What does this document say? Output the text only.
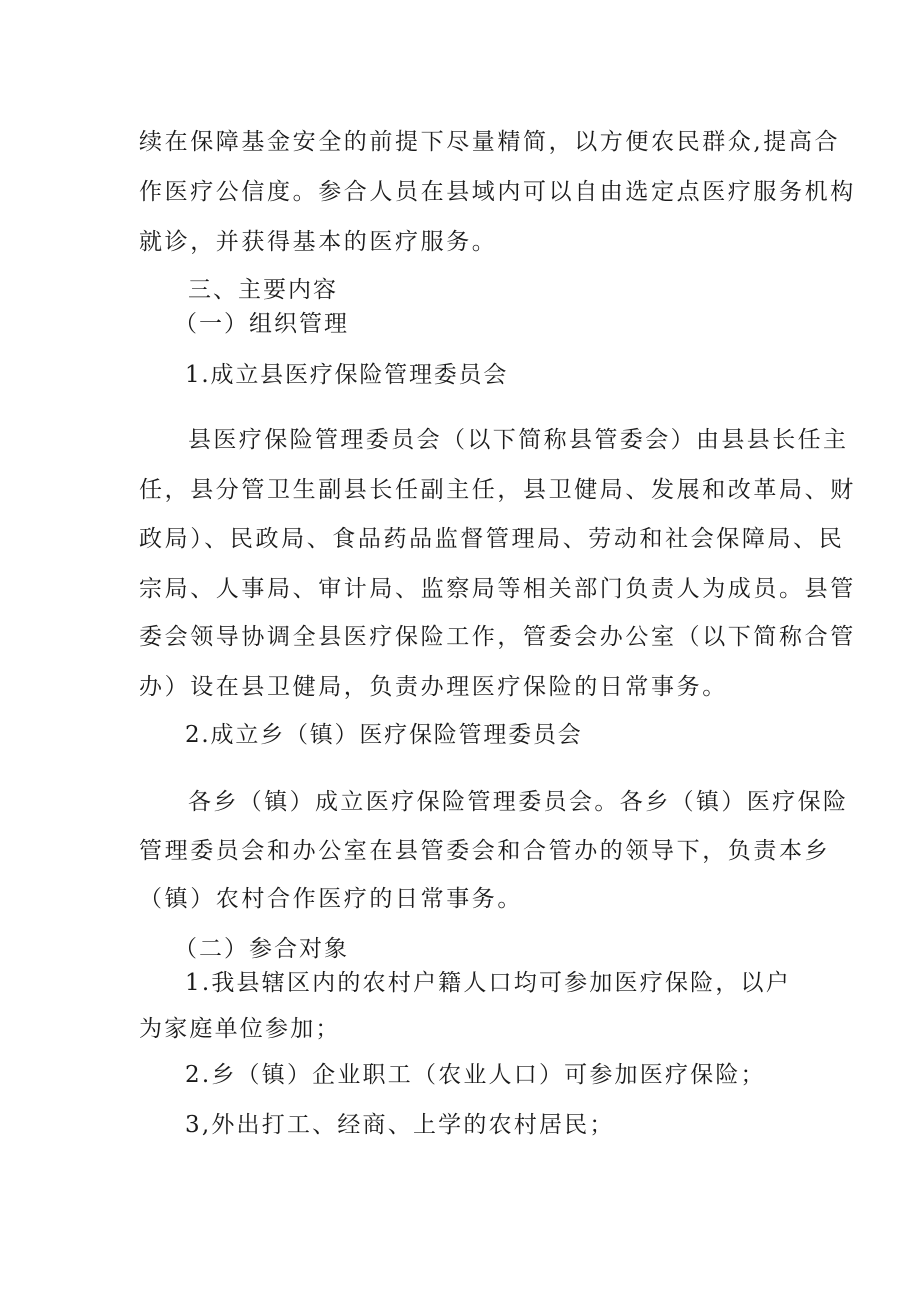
续在保障基金安全的前提下尽量精简，以方便农民群众,提高合
作医疗公信度。参合人员在县域内可以自由选定点医疗服务机构
就诊，并获得基本的医疗服务。
三、主要内容
（一）组织管理
1.成立县医疗保险管理委员会
县医疗保险管理委员会（以下简称县管委会）由县县长任主
任，县分管卫生副县长任副主任，县卫健局、发展和改革局、财
政局）、民政局、食品药品监督管理局、劳动和社会保障局、民
宗局、人事局、审计局、监察局等相关部门负责人为成员。县管
委会领导协调全县医疗保险工作，管委会办公室（以下简称合管
办）设在县卫健局，负责办理医疗保险的日常事务。
2.成立乡（镇）医疗保险管理委员会
各乡（镇）成立医疗保险管理委员会。各乡（镇）医疗保险
管理委员会和办公室在县管委会和合管办的领导下，负责本乡
（镇）农村合作医疗的日常事务。
（二）参合对象
1.我县辖区内的农村户籍人口均可参加医疗保险，以户
为家庭单位参加；
2.乡（镇）企业职工（农业人口）可参加医疗保险；
3,外出打工、经商、上学的农村居民；
